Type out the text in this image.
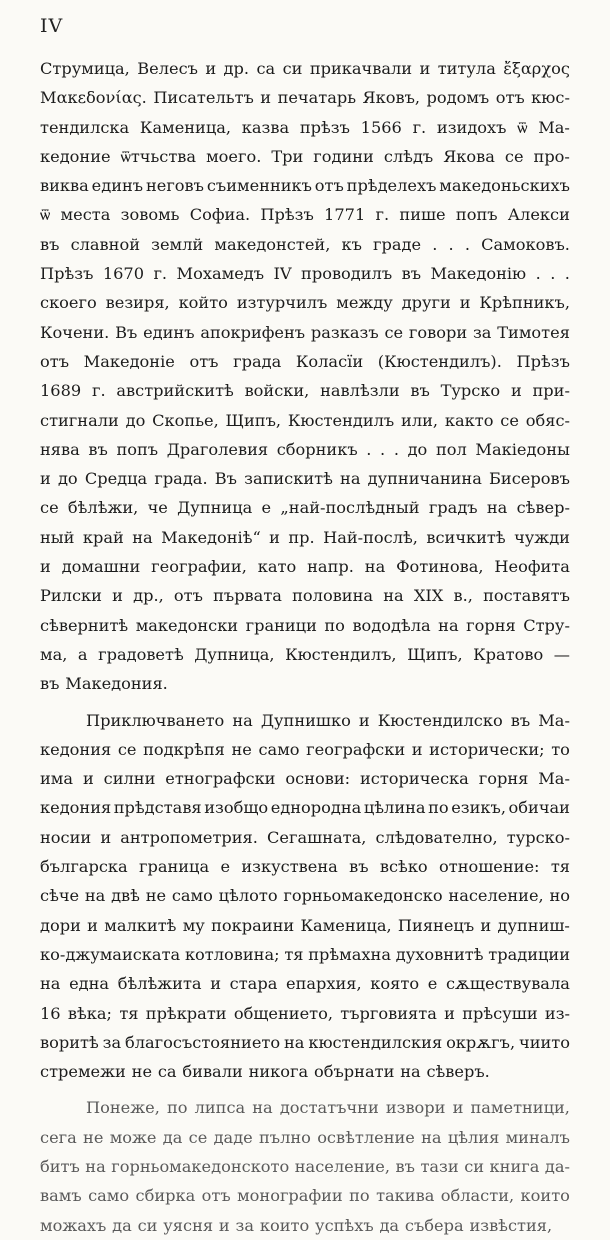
IV
Струмица, Велесъ и др. са си прикачвали и титула ἔξαρχος
Μακεδονίας. Писательтъ и печатарь Яковъ, родомъ отъ кюс-
тендилска Каменица, казва прѣзъ 1566 г. изидохъ ѿ Ма-
кедоние ѿтчьства моего. Три години слѣдъ Якова се про-
виква единъ неговъ съименникъ отъ прѣделехъ македоньскихъ
ѿ места зовомь Софиа. Прѣзъ 1771 г. пише попъ Алекси
въ славной землй македонстей, къ граде . . . Самоковъ.
Прѣзъ 1670 г. Мохамедъ IV проводилъ въ Македонію . . .
скоего везиря, който изтурчилъ между други и Крѣпникъ,
Кочени. Въ единъ апокрифенъ разказъ се говори за Тимотея
отъ Македоніе отъ града Коласїи (Кюстендилъ). Прѣзъ
1689 г. австрийскитѣ войски, навлѣзли въ Турско и при-
стигнали до Скопье, Щипъ, Кюстендилъ или, както се обяс-
нява въ попъ Драголевия сборникъ . . . до пол Макiедоны
и до Средца града. Въ запискитѣ на дупничанина Бисеровъ
се бѣлѣжи, че Дупница е „най-послѣдный градъ на сѣвер-
ный край на Македонiѣ“ и пр. Най-послѣ, всичкитѣ чужди
и домашни географии, като напр. на Фотинова, Неофита
Рилски и др., отъ първата половина на XIX в., поставятъ
сѣвернитѣ македонски граници по вододѣла на горня Стру-
ма, а градоветѣ Дупница, Кюстендилъ, Щипъ, Кратово —
въ Македония.
Приключването на Дупнишко и Кюстендилско въ Ма-
кедония се подкрѣпя не само географски и исторически; то
има и силни етнографски основи: историческа горня Ма-
кедония прѣдставя изобщо еднородна цѣлина по езикъ, обичаи
носии и антропометрия. Сегашната, слѣдователно, турско-
българска граница е изкуствена въ всѣко отношение: тя
сѣче на двѣ не само цѣлото горньомакедонско население, но
дори и малкитѣ му покраини Каменица, Пиянецъ и дупниш-
ко-джумаиската котловина; тя прѣмахна духовнитѣ традиции
на една бѣлѣжита и стара епархия, която е сѫществувала
16 вѣка; тя прѣкрати общението, търговията и прѣсуши из-
воритѣ за благосъстоянието на кюстендилския окрѫгъ, чиито
стремежи не са бивали никога обърнати на сѣверъ.
Понеже, по липса на достатъчни извори и паметници,
сега не може да се даде пълно освѣтление на цѣлия миналъ
битъ на горньомакедонското население, въ тази си книга да-
вамъ само сбирка отъ монографии по такива области, които
можахъ да си уясня и за които успѣхъ да събера извѣстия,
